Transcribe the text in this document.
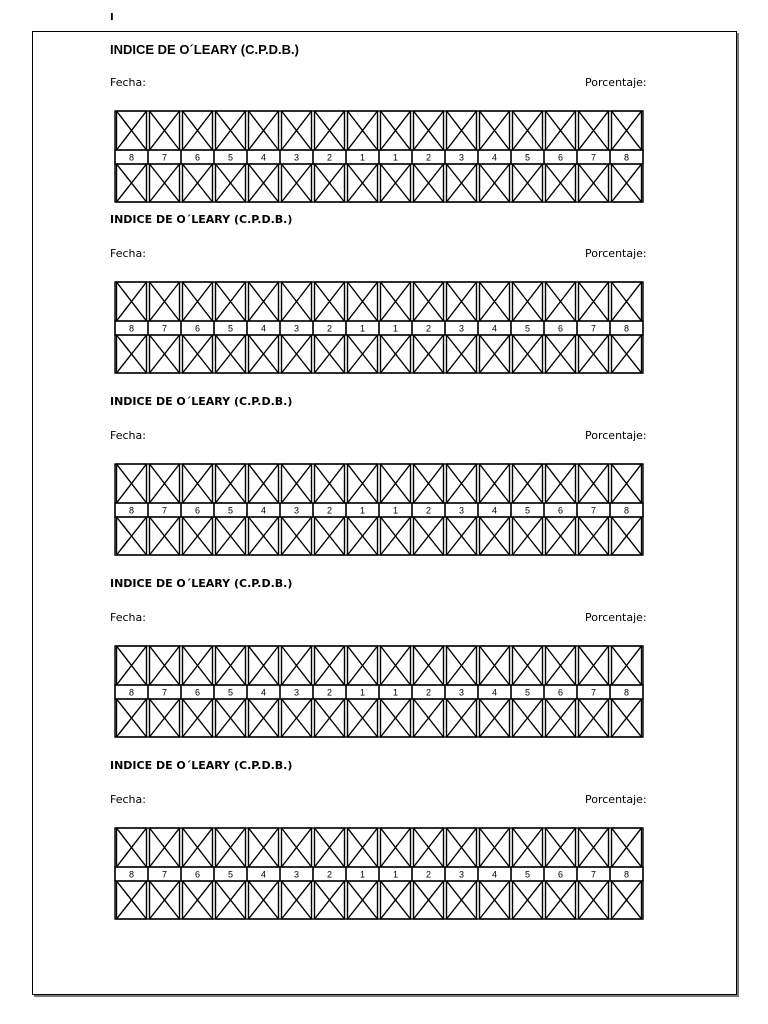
I
INDICE DE O´LEARY (C.P.D.B.)
Fecha:	Porcentaje:
8	7	6	5	4	3	2	1	1	2	3	4	5	6	7	8
INDICE DE O´LEARY (C.P.D.B.)
Fecha:	Porcentaje:
8	7	6	5	4	3	2	1	1	2	3	4	5	6	7	8
INDICE DE O´LEARY (C.P.D.B.)
Fecha:	Porcentaje:
8	7	6	5	4	3	2	1	1	2	3	4	5	6	7	8
INDICE DE O´LEARY (C.P.D.B.)
Fecha:	Porcentaje:
8	7	6	5	4	3	2	1	1	2	3	4	5	6	7	8
INDICE DE O´LEARY (C.P.D.B.)
Fecha:	Porcentaje:
8	7	6	5	4	3	2	1	1	2	3	4	5	6	7	8
